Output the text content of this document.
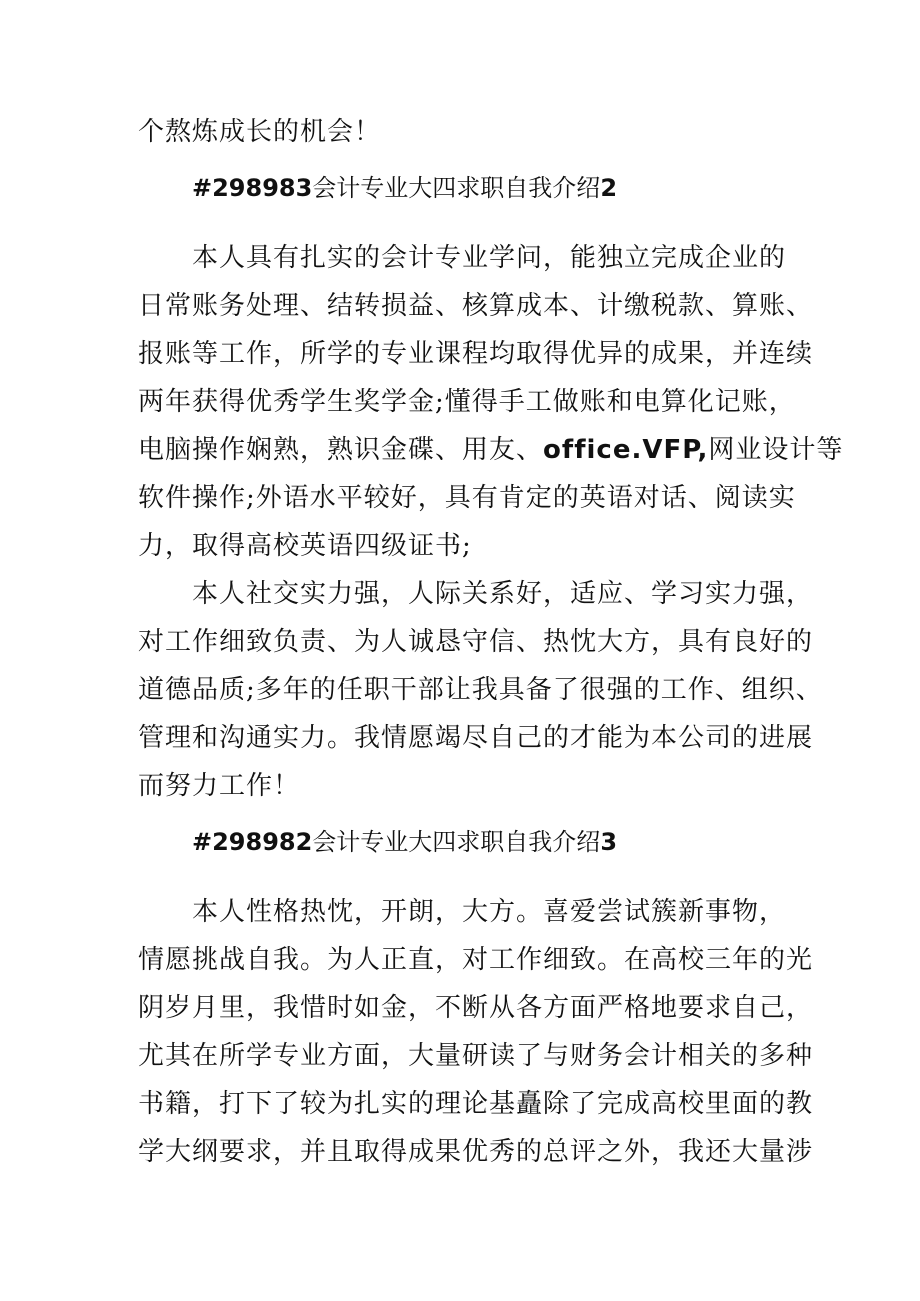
个熬炼成长的机会！
#298983会计专业大四求职自我介绍2
本人具有扎实的会计专业学问，能独立完成企业的
日常账务处理、结转损益、核算成本、计缴税款、算账、
报账等工作，所学的专业课程均取得优异的成果，并连续
两年获得优秀学生奖学金;懂得手工做账和电算化记账，
电脑操作娴熟，熟识金碟、用友、office.VFP,网业设计等
软件操作;外语水平较好，具有肯定的英语对话、阅读实
力，取得高校英语四级证书;
本人社交实力强，人际关系好，适应、学习实力强，
对工作细致负责、为人诚恳守信、热忱大方，具有良好的
道德品质;多年的任职干部让我具备了很强的工作、组织、
管理和沟通实力。我情愿竭尽自己的才能为本公司的进展
而努力工作！
#298982会计专业大四求职自我介绍3
本人性格热忱，开朗，大方。喜爱尝试簇新事物，
情愿挑战自我。为人正直，对工作细致。在高校三年的光
阴岁月里，我惜时如金，不断从各方面严格地要求自己，
尤其在所学专业方面，大量研读了与财务会计相关的多种
书籍，打下了较为扎实的理论基矗除了完成高校里面的教
学大纲要求，并且取得成果优秀的总评之外，我还大量涉
